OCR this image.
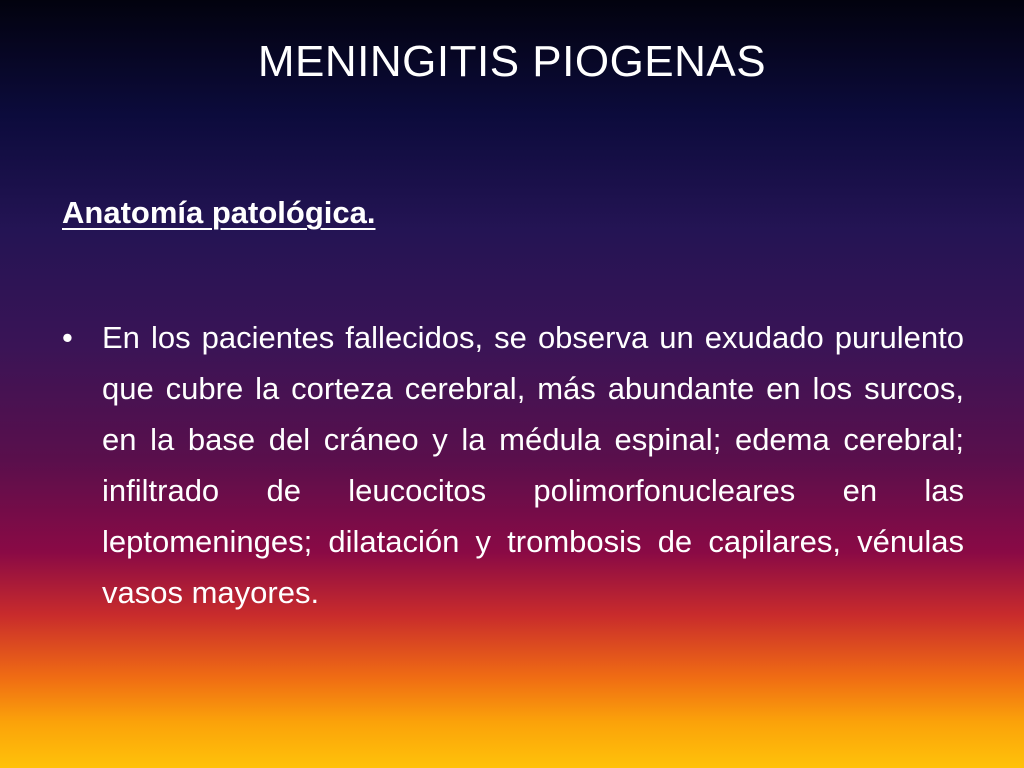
MENINGITIS PIOGENAS
Anatomía patológica.
• En los pacientes fallecidos, se observa un exudado purulento que cubre la corteza cerebral, más abundante en los surcos, en la base del cráneo y la médula espinal; edema cerebral; infiltrado de leucocitos polimorfonucleares en las leptomeninges; dilatación y trombosis de capilares, vénulas vasos mayores.
